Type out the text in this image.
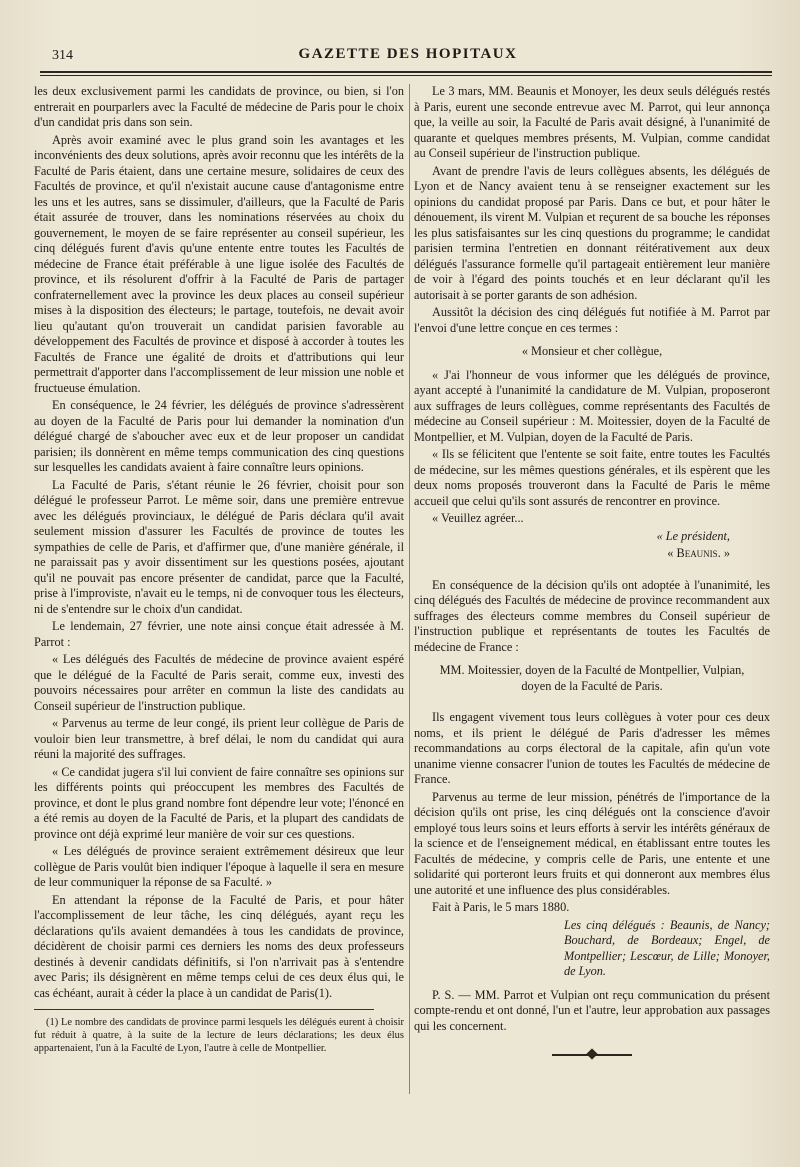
314	GAZETTE DES HOPITAUX

les deux exclusivement parmi les candidats de province, ou bien, si l'on entrerait en pourparlers avec la Faculté de médecine de Paris pour le choix d'un candidat pris dans son sein.

Après avoir examiné avec le plus grand soin les avantages et les inconvénients des deux solutions, après avoir reconnu que les intérêts de la Faculté de Paris étaient, dans une certaine mesure, solidaires de ceux des Facultés de province, et qu'il n'existait aucune cause d'antagonisme entre les uns et les autres, sans se dissimuler, d'ailleurs, que la Faculté de Paris était assurée de trouver, dans les nominations réservées au choix du gouvernement, le moyen de se faire représenter au conseil supérieur, les cinq délégués furent d'avis qu'une entente entre toutes les Facultés de médecine de France était préférable à une ligue isolée des Facultés de province, et ils résolurent d'offrir à la Faculté de Paris de partager confraternellement avec la province les deux places au conseil supérieur mises à la disposition des électeurs; le partage, toutefois, ne devait avoir lieu qu'autant qu'on trouverait un candidat parisien favorable au développement des Facultés de province et disposé à accorder à toutes les Facultés de France une égalité de droits et d'attributions qui leur permettrait d'apporter dans l'accomplissement de leur mission une noble et fructueuse émulation.

En conséquence, le 24 février, les délégués de province s'adressèrent au doyen de la Faculté de Paris pour lui demander la nomination d'un délégué chargé de s'aboucher avec eux et de leur proposer un candidat parisien; ils donnèrent en même temps communication des cinq questions sur lesquelles les candidats avaient à faire connaître leurs opinions.

La Faculté de Paris, s'étant réunie le 26 février, choisit pour son délégué le professeur Parrot. Le même soir, dans une première entrevue avec les délégués provinciaux, le délégué de Paris déclara qu'il avait seulement mission d'assurer les Facultés de province de toutes les sympathies de celle de Paris, et d'affirmer que, d'une manière générale, il ne paraissait pas y avoir dissentiment sur les questions posées, ajoutant qu'il ne pouvait pas encore présenter de candidat, parce que la Faculté, prise à l'improviste, n'avait eu le temps, ni de convoquer tous les électeurs, ni de s'entendre sur le choix d'un candidat.

Le lendemain, 27 février, une note ainsi conçue était adressée à M. Parrot :

« Les délégués des Facultés de médecine de province avaient espéré que le délégué de la Faculté de Paris serait, comme eux, investi des pouvoirs nécessaires pour arrêter en commun la liste des candidats au Conseil supérieur de l'instruction publique.

« Parvenus au terme de leur congé, ils prient leur collègue de Paris de vouloir bien leur transmettre, à bref délai, le nom du candidat qui aura réuni la majorité des suffrages.

« Ce candidat jugera s'il lui convient de faire connaître ses opinions sur les différents points qui préoccupent les membres des Facultés de province, et dont le plus grand nombre font dépendre leur vote; l'énoncé en a été remis au doyen de la Faculté de Paris, et la plupart des candidats de province ont déjà exprimé leur manière de voir sur ces questions.

« Les délégués de province seraient extrêmement désireux que leur collègue de Paris voulût bien indiquer l'époque à laquelle il sera en mesure de leur communiquer la réponse de sa Faculté. »

En attendant la réponse de la Faculté de Paris, et pour hâter l'accomplissement de leur tâche, les cinq délégués, ayant reçu les déclarations qu'ils avaient demandées à tous les candidats de province, décidèrent de choisir parmi ces derniers les noms des deux professeurs destinés à devenir candidats définitifs, si l'on n'arrivait pas à s'entendre avec Paris; ils désignèrent en même temps celui de ces deux élus qui, le cas échéant, aurait à céder la place à un candidat de Paris(1).

(1) Le nombre des candidats de province parmi lesquels les délégués eurent à choisir fut réduit à quatre, à la suite de la lecture de leurs déclarations; les deux élus appartenaient, l'un à la Faculté de Lyon, l'autre à celle de Montpellier.

Le 3 mars, MM. Beaunis et Monoyer, les deux seuls délégués restés à Paris, eurent une seconde entrevue avec M. Parrot, qui leur annonça que, la veille au soir, la Faculté de Paris avait désigné, à l'unanimité de quarante et quelques membres présents, M. Vulpian, comme candidat au Conseil supérieur de l'instruction publique.

Avant de prendre l'avis de leurs collègues absents, les délégués de Lyon et de Nancy avaient tenu à se renseigner exactement sur les opinions du candidat proposé par Paris. Dans ce but, et pour hâter le dénouement, ils virent M. Vulpian et reçurent de sa bouche les réponses les plus satisfaisantes sur les cinq questions du programme; le candidat parisien termina l'entretien en donnant réitérativement aux deux délégués l'assurance formelle qu'il partageait entièrement leur manière de voir à l'égard des points touchés et en leur déclarant qu'il les autorisait à se porter garants de son adhésion.

Aussitôt la décision des cinq délégués fut notifiée à M. Parrot par l'envoi d'une lettre conçue en ces termes :

« Monsieur et cher collègue,

« J'ai l'honneur de vous informer que les délégués de province, ayant accepté à l'unanimité la candidature de M. Vulpian, proposeront aux suffrages de leurs collègues, comme représentants des Facultés de médecine au Conseil supérieur : M. Moitessier, doyen de la Faculté de Montpellier, et M. Vulpian, doyen de la Faculté de Paris.

« Ils se félicitent que l'entente se soit faite, entre toutes les Facultés de médecine, sur les mêmes questions générales, et ils espèrent que les deux noms proposés trouveront dans la Faculté de Paris le même accueil que celui qu'ils sont assurés de rencontrer en province.

« Veuillez agréer...

« Le président,

« Beaunis. »

En conséquence de la décision qu'ils ont adoptée à l'unanimité, les cinq délégués des Facultés de médecine de province recommandent aux suffrages des électeurs comme membres du Conseil supérieur de l'instruction publique et représentants de toutes les Facultés de médecine de France :

MM. Moitessier, doyen de la Faculté de Montpellier, Vulpian, doyen de la Faculté de Paris.

Ils engagent vivement tous leurs collègues à voter pour ces deux noms, et ils prient le délégué de Paris d'adresser les mêmes recommandations au corps électoral de la capitale, afin qu'un vote unanime vienne consacrer l'union de toutes les Facultés de médecine de France.

Parvenus au terme de leur mission, pénétrés de l'importance de la décision qu'ils ont prise, les cinq délégués ont la conscience d'avoir employé tous leurs soins et leurs efforts à servir les intérêts généraux de la science et de l'enseignement médical, en établissant entre toutes les Facultés de médecine, y compris celle de Paris, une entente et une solidarité qui porteront leurs fruits et qui donneront aux membres élus une autorité et une influence des plus considérables.

Fait à Paris, le 5 mars 1880.

Les cinq délégués : Beaunis, de Nancy; Bouchard, de Bordeaux; Engel, de Montpellier; Lescœur, de Lille; Monoyer, de Lyon.

P. S. — MM. Parrot et Vulpian ont reçu communication du présent compte-rendu et ont donné, l'un et l'autre, leur approbation aux passages qui les concernent.
